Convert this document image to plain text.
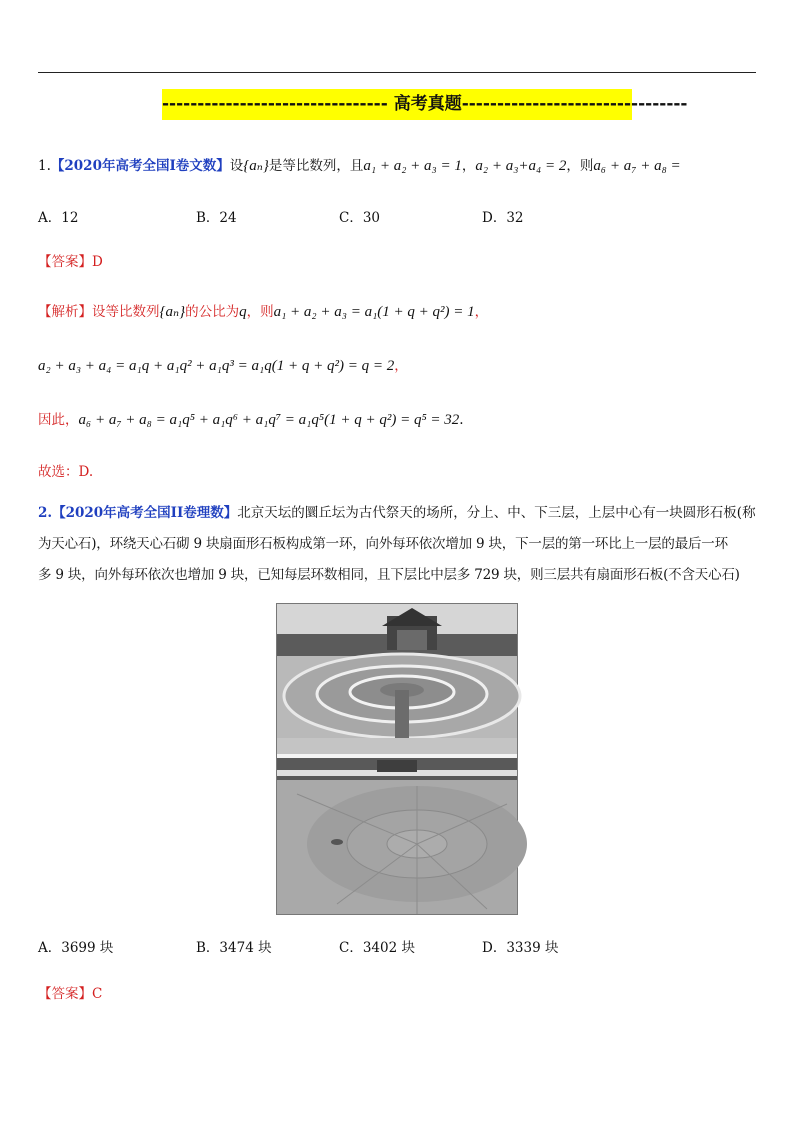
-------------------------------- 高考真题--------------------------------
1.【2020年高考全国Ⅰ卷文数】设{aₙ}是等比数列，且a₁ + a₂ + a₃ = 1，a₂ + a₃+a₄ = 2，则a₆ + a₇ + a₈ =
A．12	B．24	C．30	D．32
【答案】D
【解析】设等比数列{aₙ}的公比为q，则a₁ + a₂ + a₃ = a₁(1 + q + q²) = 1，
a₂ + a₃ + a₄ = a₁q + a₁q² + a₁q³ = a₁q(1 + q + q²) = q = 2，
因此，a₆ + a₇ + a₈ = a₁q⁵ + a₁q⁶ + a₁q⁷ = a₁q⁵(1 + q + q²) = q⁵ = 32.
故选：D.
2.【2020年高考全国II卷理数】北京天坛的圜丘坛为古代祭天的场所，分上、中、下三层，上层中心有一块圆形石板(称
为天心石)，环绕天心石砌 9 块扇面形石板构成第一环，向外每环依次增加 9 块，下一层的第一环比上一层的最后一环
多 9 块，向外每环依次也增加 9 块，已知每层环数相同，且下层比中层多 729 块，则三层共有扇面形石板(不含天心石)
A．3699 块	B．3474 块	C．3402 块	D．3339 块
【答案】C
